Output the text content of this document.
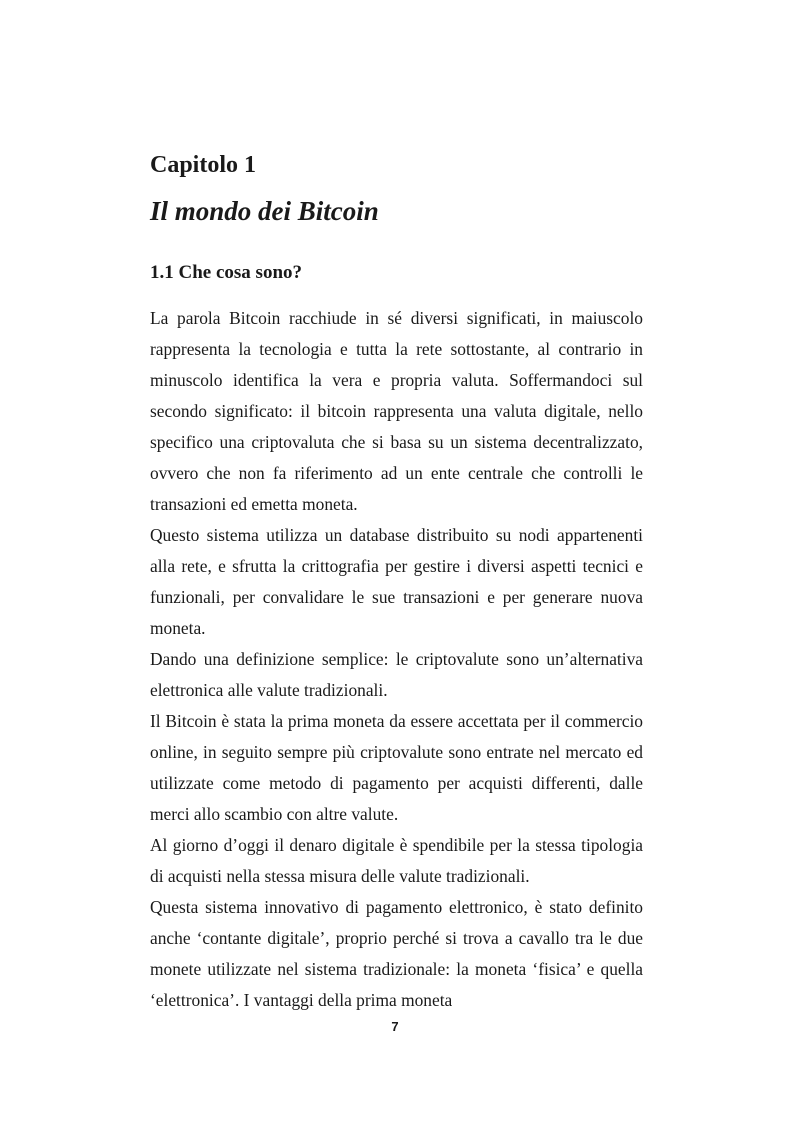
Capitolo 1
Il mondo dei Bitcoin
1.1 Che cosa sono?

La parola Bitcoin racchiude in sé diversi significati, in maiuscolo rappresenta la tecnologia e tutta la rete sottostante, al contrario in minuscolo identifica la vera e propria valuta. Soffermandoci sul secondo significato: il bitcoin rappresenta una valuta digitale, nello specifico una criptovaluta che si basa su un sistema decentralizzato, ovvero che non fa riferimento ad un ente centrale che controlli le transazioni ed emetta moneta.

Questo sistema utilizza un database distribuito su nodi appartenenti alla rete, e sfrutta la crittografia per gestire i diversi aspetti tecnici e funzionali, per convalidare le sue transazioni e per generare nuova moneta.

Dando una definizione semplice: le criptovalute sono un’alternativa elettronica alle valute tradizionali.

Il Bitcoin è stata la prima moneta da essere accettata per il commercio online, in seguito sempre più criptovalute sono entrate nel mercato ed utilizzate come metodo di pagamento per acquisti differenti, dalle merci allo scambio con altre valute.

Al giorno d’oggi il denaro digitale è spendibile per la stessa tipologia di acquisti nella stessa misura delle valute tradizionali.

Questa sistema innovativo di pagamento elettronico, è stato definito anche ‘contante digitale’, proprio perché si trova a cavallo tra le due monete utilizzate nel sistema tradizionale: la moneta ‘fisica’ e quella ‘elettronica’. I vantaggi della prima moneta

7
